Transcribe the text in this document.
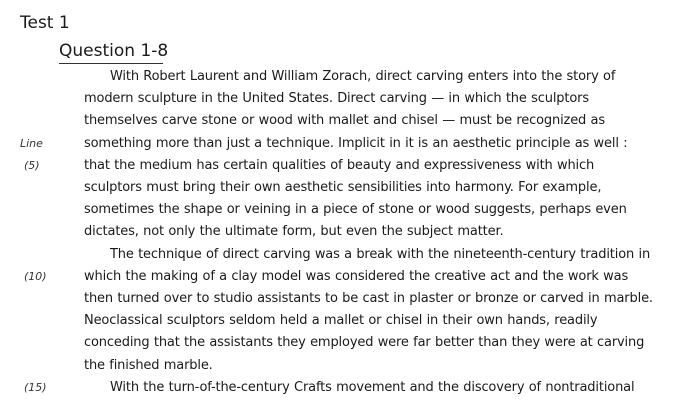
Test 1
Question 1-8
With Robert Laurent and William Zorach, direct carving enters into the story of
modern sculpture in the United States. Direct carving — in which the sculptors
themselves carve stone or wood with mallet and chisel — must be recognized as
Line	something more than just a technique. Implicit in it is an aesthetic principle as well :
(5)	that the medium has certain qualities of beauty and expressiveness with which
sculptors must bring their own aesthetic sensibilities into harmony. For example,
sometimes the shape or veining in a piece of stone or wood suggests, perhaps even
dictates, not only the ultimate form, but even the subject matter.
The technique of direct carving was a break with the nineteenth-century tradition in
(10)	which the making of a clay model was considered the creative act and the work was
then turned over to studio assistants to be cast in plaster or bronze or carved in marble.
Neoclassical sculptors seldom held a mallet or chisel in their own hands, readily
conceding that the assistants they employed were far better than they were at carving
the finished marble.
(15)	With the turn-of-the-century Crafts movement and the discovery of nontraditional
